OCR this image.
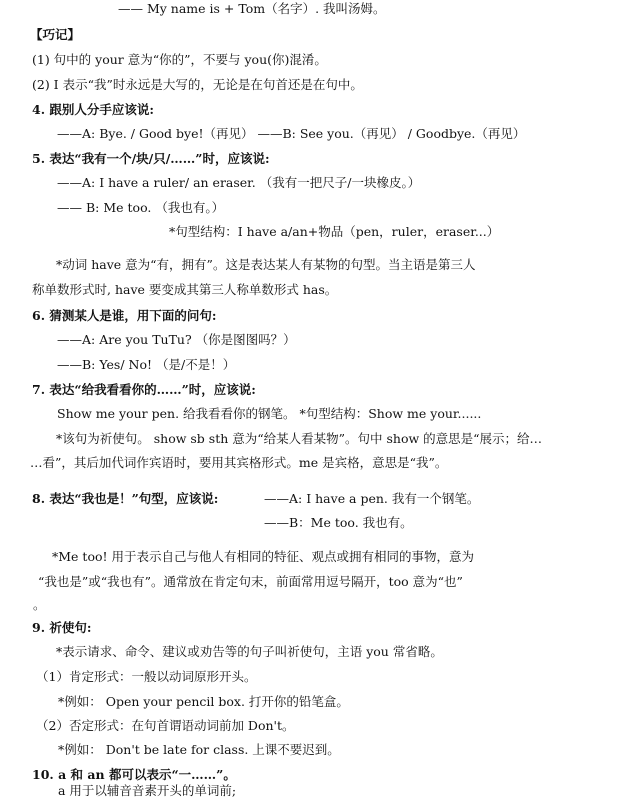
—— My name is + Tom（名字）. 我叫汤姆。
【巧记】
(1) 句中的 your 意为“你的”，不要与 you(你)混淆。
(2) I 表示“我”时永远是大写的，无论是在句首还是在句中。
4. 跟别人分手应该说:
——A: Bye. / Good bye!（再见） ——B: See you.（再见） / Goodbye.（再见）
5. 表达“我有一个/块/只/……”时，应该说:
——A: I have a ruler/ an eraser. （我有一把尺子/一块橡皮。）
—— B: Me too. （我也有。）
*句型结构：I have a/an+物品（pen，ruler，eraser...）
*动词 have 意为“有，拥有”。这是表达某人有某物的句型。当主语是第三人
称单数形式时, have 要变成其第三人称单数形式 has。
6. 猜测某人是谁，用下面的问句:
——A: Are you TuTu? （你是图图吗？）
——B: Yes/ No! （是/不是！）
7. 表达“给我看看你的……”时，应该说:
Show me your pen. 给我看看你的钢笔。 *句型结构：Show me your......
*该句为祈使句。 show sb sth 意为“给某人看某物”。句中 show 的意思是“展示；给…
…看”，其后加代词作宾语时，要用其宾格形式。me 是宾格，意思是“我”。
8. 表达“我也是！”句型，应该说:	——A: I have a pen. 我有一个钢笔。
——B：Me too. 我也有。
*Me too! 用于表示自己与他人有相同的特征、观点或拥有相同的事物，意为
“我也是”或“我也有”。通常放在肯定句末，前面常用逗号隔开，too 意为“也”
。
9. 祈使句:
*表示请求、命令、建议或劝告等的句子叫祈使句，主语 you 常省略。
（1）肯定形式：一般以动词原形开头。
*例如： Open your pencil box. 打开你的铅笔盒。
（2）否定形式：在句首谓语动词前加 Don't。
*例如： Don't be late for class. 上课不要迟到。
10. a 和 an 都可以表示“一……”。
a 用于以辅音音素开头的单词前;
